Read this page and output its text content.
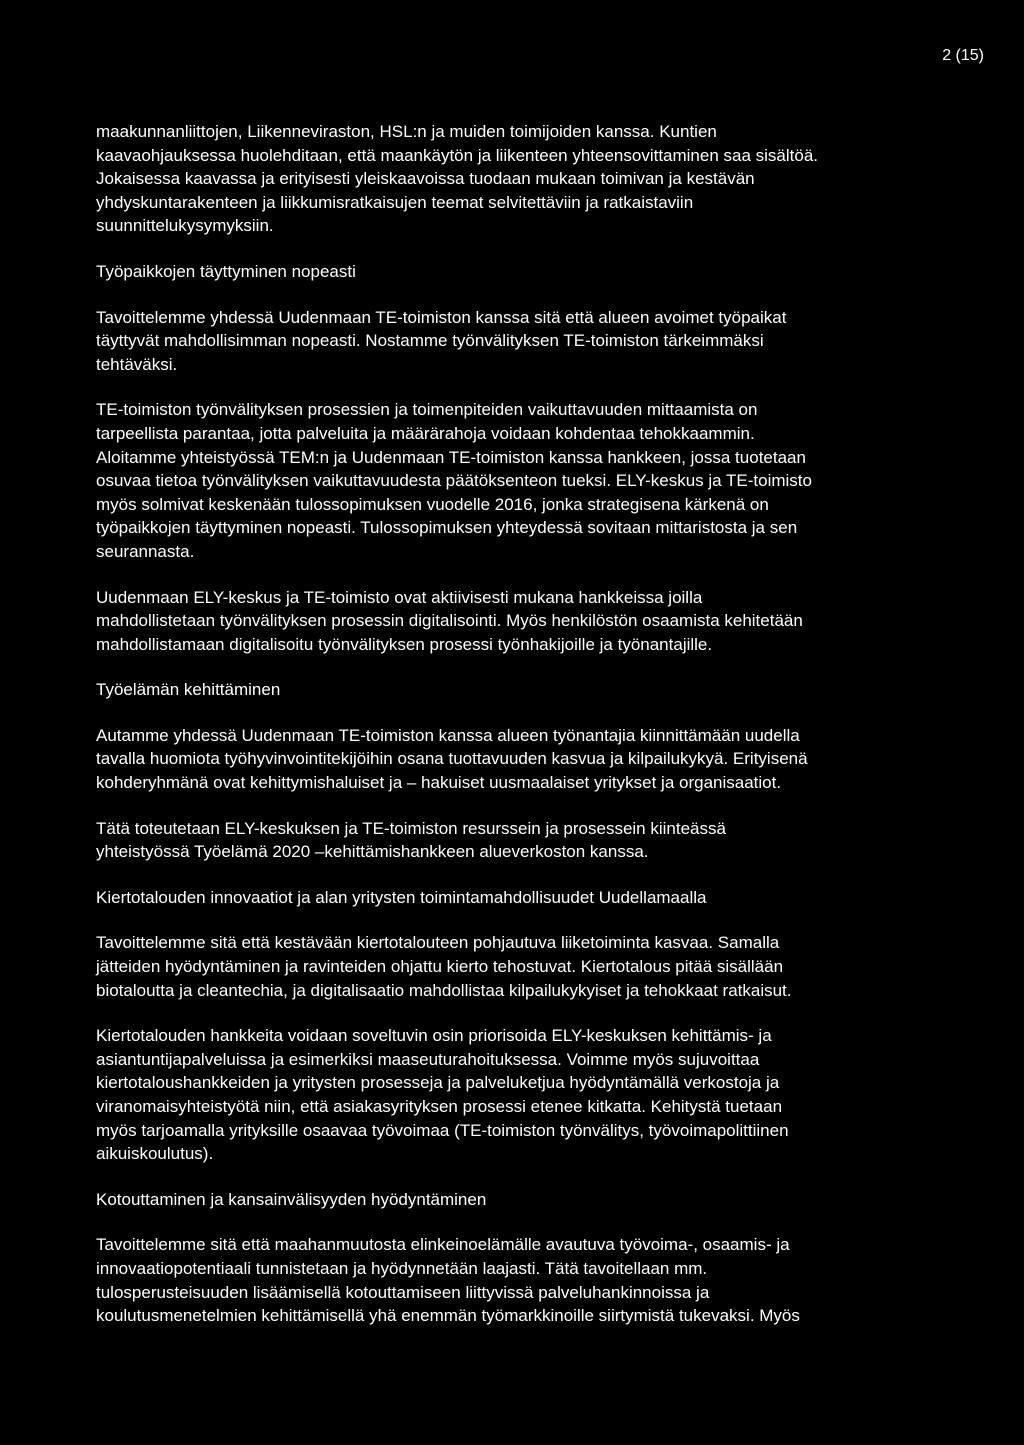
2 (15)

maakunnanliittojen, Liikenneviraston, HSL:n ja muiden toimijoiden kanssa. Kuntien
kaavaohjauksessa huolehditaan, että maankäytön ja liikenteen yhteensovittaminen saa sisältöä.
Jokaisessa kaavassa ja erityisesti yleiskaavoissa tuodaan mukaan toimivan ja kestävän
yhdyskuntarakenteen ja liikkumisratkaisujen teemat selvitettäviin ja ratkaistaviin
suunnittelukysymyksiin.

Työpaikkojen täyttyminen nopeasti

Tavoittelemme yhdessä Uudenmaan TE-toimiston kanssa sitä että alueen avoimet työpaikat
täyttyvät mahdollisimman nopeasti. Nostamme työnvälityksen TE-toimiston tärkeimmäksi
tehtäväksi.

TE-toimiston työnvälityksen prosessien ja toimenpiteiden vaikuttavuuden mittaamista on
tarpeellista parantaa, jotta palveluita ja määrärahoja voidaan kohdentaa tehokkaammin.
Aloitamme yhteistyössä TEM:n ja Uudenmaan TE-toimiston kanssa hankkeen, jossa tuotetaan
osuvaa tietoa työnvälityksen vaikuttavuudesta päätöksenteon tueksi. ELY-keskus ja TE-toimisto
myös solmivat keskenään tulossopimuksen vuodelle 2016, jonka strategisena kärkenä on
työpaikkojen täyttyminen nopeasti. Tulossopimuksen yhteydessä sovitaan mittaristosta ja sen
seurannasta.

Uudenmaan ELY-keskus ja TE-toimisto ovat aktiivisesti mukana hankkeissa joilla
mahdollistetaan työnvälityksen prosessin digitalisointi. Myös henkilöstön osaamista kehitetään
mahdollistamaan digitalisoitu työnvälityksen prosessi työnhakijoille ja työnantajille.

Työelämän kehittäminen

Autamme yhdessä Uudenmaan TE-toimiston kanssa alueen työnantajia kiinnittämään uudella
tavalla huomiota työhyvinvointitekijöihin osana tuottavuuden kasvua ja kilpailukykyä. Erityisenä
kohderyhmänä ovat kehittymishaluiset ja – hakuiset uusmaalaiset yritykset ja organisaatiot.

Tätä toteutetaan ELY-keskuksen ja TE-toimiston resurssein ja prosessein kiinteässä
yhteistyössä Työelämä 2020 –kehittämishankkeen alueverkoston kanssa.

Kiertotalouden innovaatiot ja alan yritysten toimintamahdollisuudet Uudellamaalla

Tavoittelemme sitä että kestävään kiertotalouteen pohjautuva liiketoiminta kasvaa. Samalla
jätteiden hyödyntäminen ja ravinteiden ohjattu kierto tehostuvat. Kiertotalous pitää sisällään
biotaloutta ja cleantechia, ja digitalisaatio mahdollistaa kilpailukykyiset ja tehokkaat ratkaisut.

Kiertotalouden hankkeita voidaan soveltuvin osin priorisoida ELY-keskuksen kehittämis- ja
asiantuntijapalveluissa ja esimerkiksi maaseuturahoituksessa. Voimme myös sujuvoittaa
kiertotaloushankkeiden ja yritysten prosesseja ja palveluketjua hyödyntämällä verkostoja ja
viranomaisyhteistyötä niin, että asiakasyrityksen prosessi etenee kitkatta. Kehitystä tuetaan
myös tarjoamalla yrityksille osaavaa työvoimaa (TE-toimiston työnvälitys, työvoimapolittiinen
aikuiskoulutus).

Kotouttaminen ja kansainvälisyyden hyödyntäminen

Tavoittelemme sitä että maahanmuutosta elinkeinoelämälle avautuva työvoima-, osaamis- ja
innovaatiopotentiaali tunnistetaan ja hyödynnetään laajasti. Tätä tavoitellaan mm.
tulosperusteisuuden lisäämisellä kotouttamiseen liittyvissä palveluhankinnoissa ja
koulutusmenetelmien kehittämisellä yhä enemmän työmarkkinoille siirtymistä tukevaksi. Myös
